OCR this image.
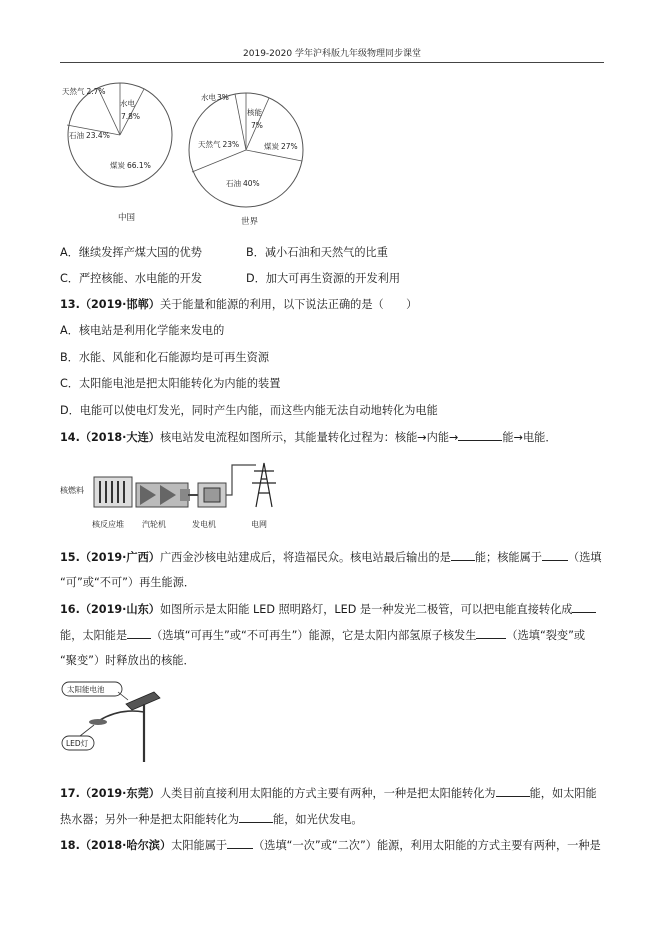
2019-2020 学年沪科版九年级物理同步课堂
天然气 2.7%
水电
7.8%
石油 23.4%
煤炭 66.1%
中国
水电3%
核能
7%
煤炭 27%
天然气 23%
石油 40%
世界
A．继续发挥产煤大国的优势	B．减小石油和天然气的比重
C．严控核能、水电能的开发	D．加大可再生资源的开发利用
13.（2019·邯郸）关于能量和能源的利用，以下说法正确的是（　　）
A．核电站是利用化学能来发电的
B．水能、风能和化石能源均是可再生资源
C．太阳能电池是把太阳能转化为内能的装置
D．电能可以使电灯发光，同时产生内能，而这些内能无法自动地转化为电能
14.（2018·大连）核电站发电流程如图所示，其能量转化过程为：核能→内能→	能→电能．
核燃料
核反应堆 汽轮机	发电机	电网
15.（2019·广西）广西金沙核电站建成后，将造福民众。核电站最后输出的是 能；核能属于 （选填
“可”或“不可”）再生能源．
16.（2019·山东）如图所示是太阳能 LED 照明路灯，LED 是一种发光二极管，可以把电能直接转化成
能，太阳能是 （选填“可再生”或“不可再生”）能源，它是太阳内部氢原子核发生	（选填“裂变”或
“聚变”）时释放出的核能．
太阳能电池
LED灯
17.（2019·东莞）人类目前直接利用太阳能的方式主要有两种，一种是把太阳能转化为	能，如太阳能
热水器；另外一种是把太阳能转化为	能，如光伏发电。
18.（2018·哈尔滨）太阳能属于 （选填“一次”或“二次”）能源，利用太阳能的方式主要有两种，一种是
